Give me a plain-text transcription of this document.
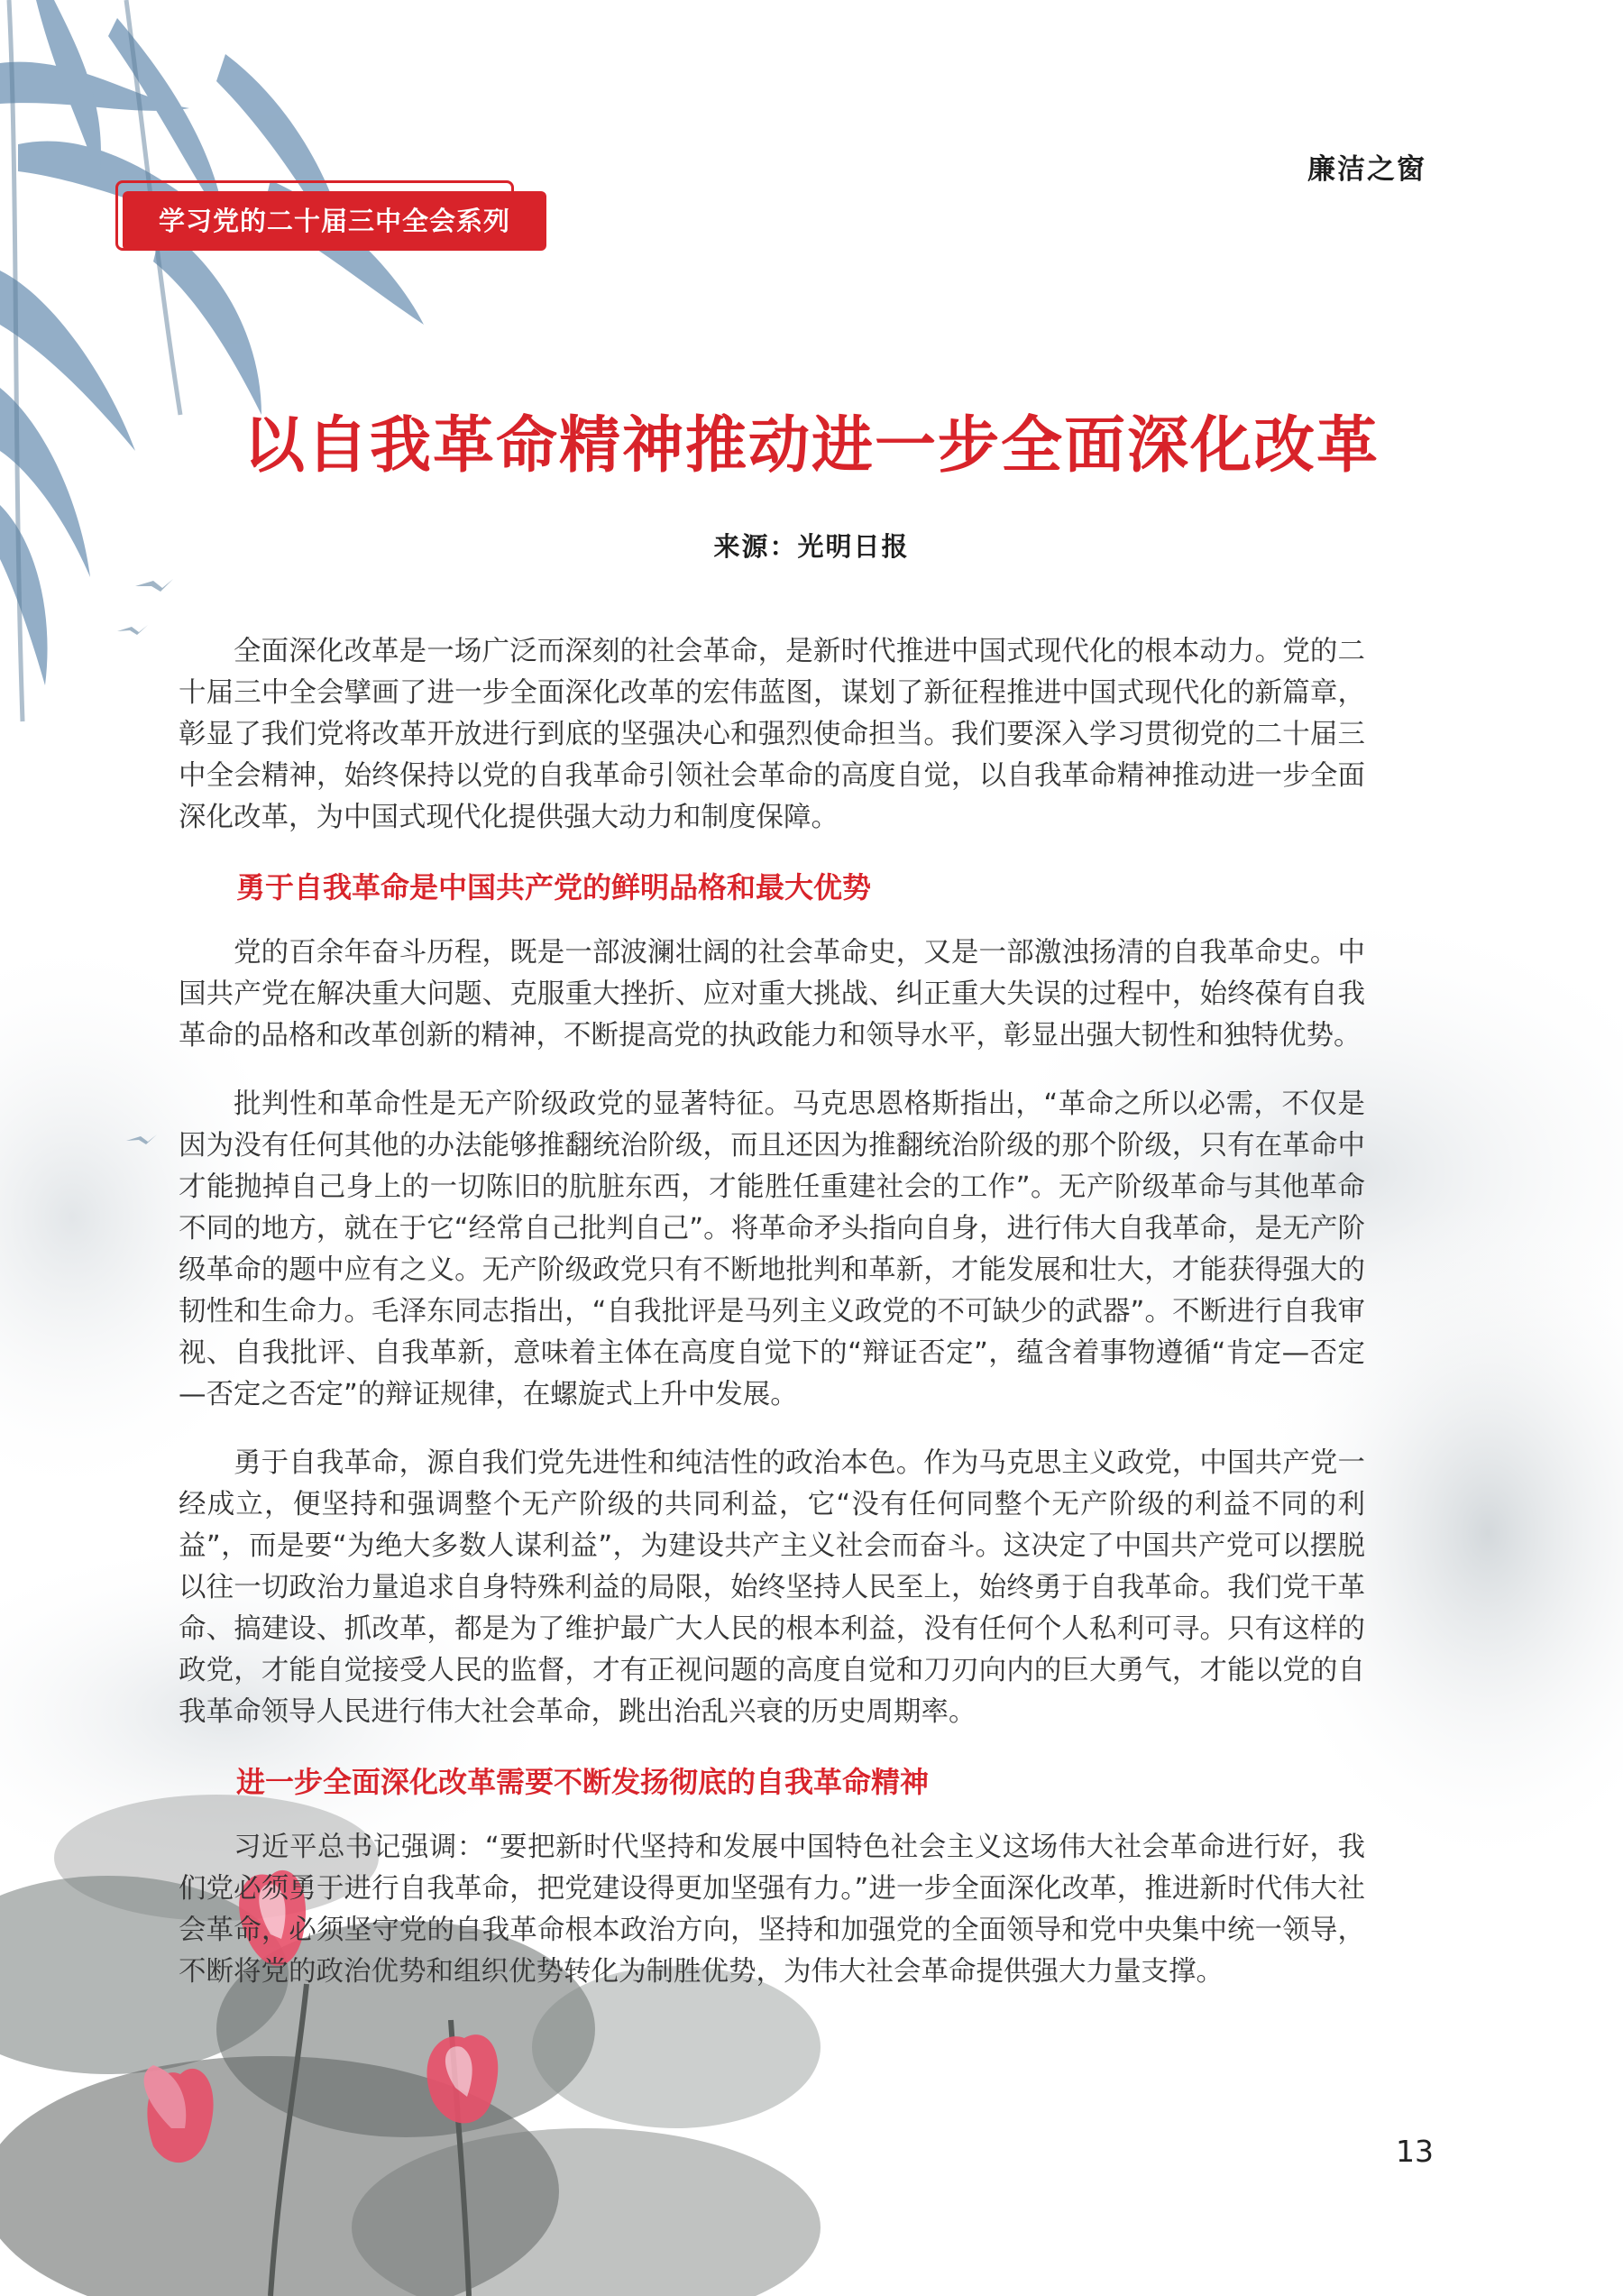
廉洁之窗
学习党的二十届三中全会系列
以自我革命精神推动进一步全面深化改革
来源：光明日报

全面深化改革是一场广泛而深刻的社会革命，是新时代推进中国式现代化的根本动力。党的二十届三中全会擘画了进一步全面深化改革的宏伟蓝图，谋划了新征程推进中国式现代化的新篇章，彰显了我们党将改革开放进行到底的坚强决心和强烈使命担当。我们要深入学习贯彻党的二十届三中全会精神，始终保持以党的自我革命引领社会革命的高度自觉，以自我革命精神推动进一步全面深化改革，为中国式现代化提供强大动力和制度保障。

勇于自我革命是中国共产党的鲜明品格和最大优势

党的百余年奋斗历程，既是一部波澜壮阔的社会革命史，又是一部激浊扬清的自我革命史。中国共产党在解决重大问题、克服重大挫折、应对重大挑战、纠正重大失误的过程中，始终葆有自我革命的品格和改革创新的精神，不断提高党的执政能力和领导水平，彰显出强大韧性和独特优势。

批判性和革命性是无产阶级政党的显著特征。马克思恩格斯指出，“革命之所以必需，不仅是因为没有任何其他的办法能够推翻统治阶级，而且还因为推翻统治阶级的那个阶级，只有在革命中才能抛掉自己身上的一切陈旧的肮脏东西，才能胜任重建社会的工作”。无产阶级革命与其他革命不同的地方，就在于它“经常自己批判自己”。将革命矛头指向自身，进行伟大自我革命，是无产阶级革命的题中应有之义。无产阶级政党只有不断地批判和革新，才能发展和壮大，才能获得强大的韧性和生命力。毛泽东同志指出，“自我批评是马列主义政党的不可缺少的武器”。不断进行自我审视、自我批评、自我革新，意味着主体在高度自觉下的“辩证否定”，蕴含着事物遵循“肯定—否定—否定之否定”的辩证规律，在螺旋式上升中发展。

勇于自我革命，源自我们党先进性和纯洁性的政治本色。作为马克思主义政党，中国共产党一经成立，便坚持和强调整个无产阶级的共同利益，它“没有任何同整个无产阶级的利益不同的利益”，而是要“为绝大多数人谋利益”，为建设共产主义社会而奋斗。这决定了中国共产党可以摆脱以往一切政治力量追求自身特殊利益的局限，始终坚持人民至上，始终勇于自我革命。我们党干革命、搞建设、抓改革，都是为了维护最广大人民的根本利益，没有任何个人私利可寻。只有这样的政党，才能自觉接受人民的监督，才有正视问题的高度自觉和刀刃向内的巨大勇气，才能以党的自我革命领导人民进行伟大社会革命，跳出治乱兴衰的历史周期率。

进一步全面深化改革需要不断发扬彻底的自我革命精神

习近平总书记强调：“要把新时代坚持和发展中国特色社会主义这场伟大社会革命进行好，我们党必须勇于进行自我革命，把党建设得更加坚强有力。”进一步全面深化改革，推进新时代伟大社会革命，必须坚守党的自我革命根本政治方向，坚持和加强党的全面领导和党中央集中统一领导，不断将党的政治优势和组织优势转化为制胜优势，为伟大社会革命提供强大力量支撑。

13
